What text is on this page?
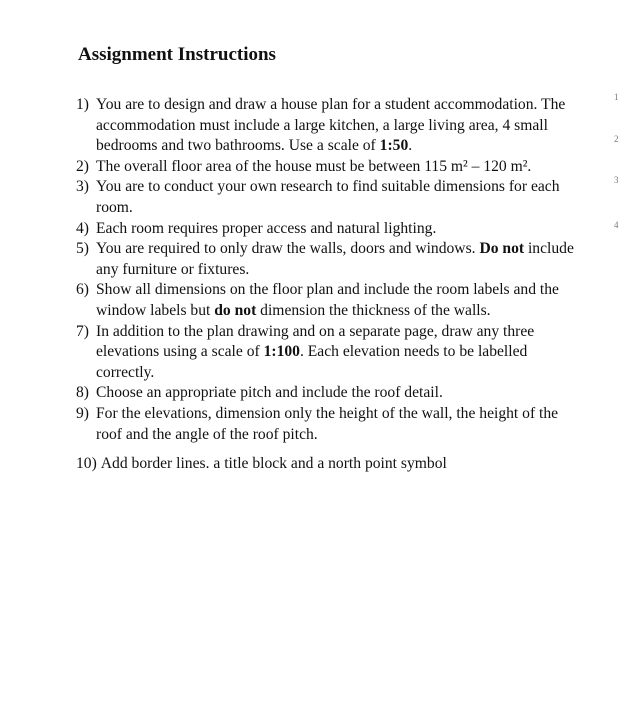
Assignment Instructions
1) You are to design and draw a house plan for a student accommodation. The accommodation must include a large kitchen, a large living area, 4 small bedrooms and two bathrooms. Use a scale of 1:50.
2) The overall floor area of the house must be between 115 m² – 120 m².
3) You are to conduct your own research to find suitable dimensions for each room.
4) Each room requires proper access and natural lighting.
5) You are required to only draw the walls, doors and windows. Do not include any furniture or fixtures.
6) Show all dimensions on the floor plan and include the room labels and the window labels but do not dimension the thickness of the walls.
7) In addition to the plan drawing and on a separate page, draw any three elevations using a scale of 1:100. Each elevation needs to be labelled correctly.
8) Choose an appropriate pitch and include the roof detail.
9) For the elevations, dimension only the height of the wall, the height of the roof and the angle of the roof pitch.
10) Add border lines. a title block and a north point symbol
1
2
3
4
